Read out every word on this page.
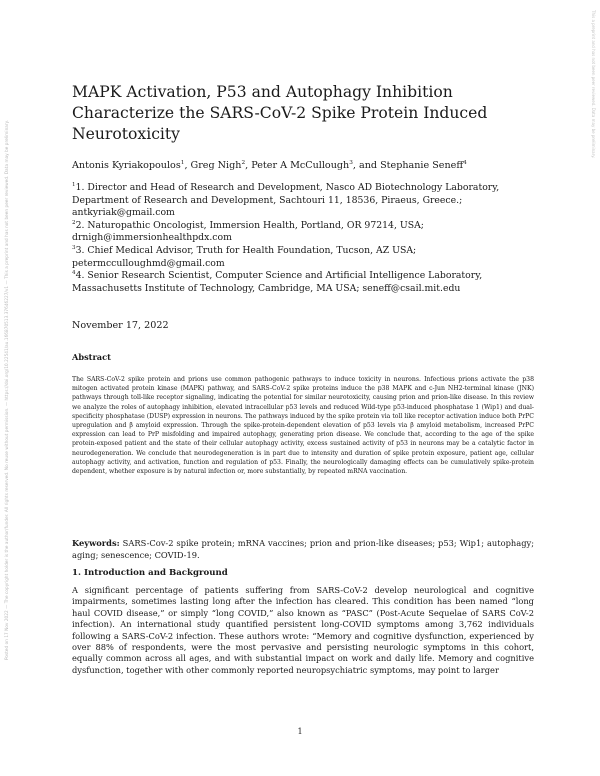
Posted on 17 Nov 2022 — The copyright holder is the author/funder. All rights reserved. No reuse without permission. — https://doi.org/10.22541/au.166870513.37646227/v1 — This a preprint and has not been peer reviewed. Data may be preliminary.
This a preprint and has not been peer reviewed. Data may be preliminary.
MAPK Activation, P53 and Autophagy Inhibition Characterize the SARS-CoV-2 Spike Protein Induced Neurotoxicity
Antonis Kyriakopoulos$^1$, Greg Nigh$^2$, Peter A McCullough$^3$, and Stephanie Seneff$^4$

$^1$1. Director and Head of Research and Development, Nasco AD Biotechnology Laboratory, Department of Research and Development, Sachtouri 11, 18536, Piraeus, Greece.; antkyriak@gmail.com

$^2$2. Naturopathic Oncologist, Immersion Health, Portland, OR 97214, USA; drnigh@immersionhealthpdx.com

$^3$3. Chief Medical Advisor, Truth for Health Foundation, Tucson, AZ USA; petermcculloughmd@gmail.com

$^4$4. Senior Research Scientist, Computer Science and Artificial Intelligence Laboratory, Massachusetts Institute of Technology, Cambridge, MA USA; seneff@csail.mit.edu

November 17, 2022
Abstract
The SARS-CoV-2 spike protein and prions use common pathogenic pathways to induce toxicity in neurons. Infectious prions activate the p38 mitogen activated protein kinase (MAPK) pathway, and SARS-CoV-2 spike proteins induce the p38 MAPK and c-Jun NH2-terminal kinase (JNK) pathways through toll-like receptor signaling, indicating the potential for similar neurotoxicity, causing prion and prion-like disease. In this review we analyze the roles of autophagy inhibition, elevated intracellular p53 levels and reduced Wild-type p53-induced phosphatase 1 (Wip1) and dual-specificity phosphatase (DUSP) expression in neurons. The pathways induced by the spike protein via toll like receptor activation induce both PrPC upregulation and β amyloid expression. Through the spike-protein-dependent elevation of p53 levels via β amyloid metabolism, increased PrPC expression can lead to PrP misfolding and impaired autophagy, generating prion disease. We conclude that, according to the age of the spike protein-exposed patient and the state of their cellular autophagy activity, excess sustained activity of p53 in neurons may be a catalytic factor in neurodegeneration. We conclude that neurodegeneration is in part due to intensity and duration of spike protein exposure, patient age, cellular autophagy activity, and activation, function and regulation of p53. Finally, the neurologically damaging effects can be cumulatively spike-protein dependent, whether exposure is by natural infection or, more substantially, by repeated mRNA vaccination.
Keywords: SARS-Cov-2 spike protein; mRNA vaccines; prion and prion-like diseases; p53; Wip1; autophagy; aging; senescence; COVID-19.
1. Introduction and Background
A significant percentage of patients suffering from SARS-CoV-2 develop neurological and cognitive impairments, sometimes lasting long after the infection has cleared. This condition has been named “long haul COVID disease,” or simply “long COVID,” also known as “PASC” (Post-Acute Sequelae of SARS CoV-2 infection). An international study quantified persistent long-COVID symptoms among 3,762 individuals following a SARS-CoV-2 infection. These authors wrote: “Memory and cognitive dysfunction, experienced by over 88% of respondents, were the most pervasive and persisting neurologic symptoms in this cohort, equally common across all ages, and with substantial impact on work and daily life. Memory and cognitive dysfunction, together with other commonly reported neuropsychiatric symptoms, may point to larger
1
